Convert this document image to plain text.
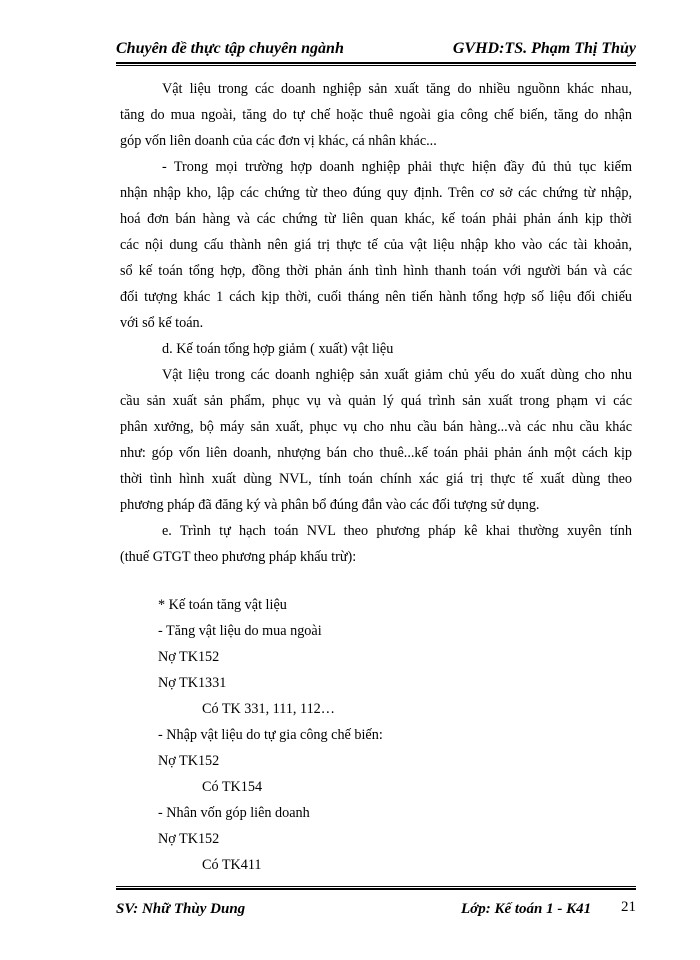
Chuyên đề thực tập chuyên ngành	GVHD:TS. Phạm Thị Thủy
Vật liệu trong các doanh nghiệp sản xuất tăng do nhiều nguồnn khác nhau,
tăng do mua ngoài, tăng do tự chế hoặc thuê ngoài gia công chế biến, tăng do nhận
góp vốn liên doanh của các đơn vị khác, cá nhân khác...
- Trong mọi trường hợp doanh nghiệp phải thực hiện đầy đủ thủ tục kiểm
nhận nhập kho, lập các chứng từ theo đúng quy định. Trên cơ sở các chứng từ nhập,
hoá đơn bán hàng và các chứng từ liên quan khác, kế toán phải phản ánh kịp thời
các nội dung cấu thành nên giá trị thực tế của vật liệu nhập kho vào các tài khoản,
sổ kế toán tổng hợp, đồng thời phản ánh tình hình thanh toán với người bán và các
đối tượng khác 1 cách kịp thời, cuối tháng nên tiến hành tổng hợp số liệu đối chiếu
với sổ kế toán.
d. Kế toán tổng hợp giảm ( xuất) vật liệu
Vật liệu trong các doanh nghiệp sản xuất giảm chủ yếu do xuất dùng cho nhu
cầu sản xuất sản phẩm, phục vụ và quản lý quá trình sản xuất trong phạm vi các
phân xưởng, bộ máy sản xuất, phục vụ cho nhu cầu bán hàng...và các nhu cầu khác
như: góp vốn liên doanh, nhượng bán cho thuê...kế toán phải phản ánh một cách kịp
thời tình hình xuất dùng NVL, tính toán chính xác giá trị thực tế xuất dùng theo
phương pháp đã đăng ký và phân bổ đúng đắn vào các đối tượng sử dụng.
e. Trình tự hạch toán NVL theo phương pháp kê khai thường xuyên tính
(thuế GTGT theo phương pháp khấu trừ):
* Kế toán tăng vật liệu
- Tăng vật liệu do mua ngoài
Nợ TK152
Nợ TK1331
Có TK 331, 111, 112…
- Nhập vật liệu do tự gia công chế biến:
Nợ TK152
Có TK154
- Nhân vốn góp liên doanh
Nợ TK152
Có TK411
SV: Nhữ Thùy Dung	Lớp: Kế toán 1 - K41 21
